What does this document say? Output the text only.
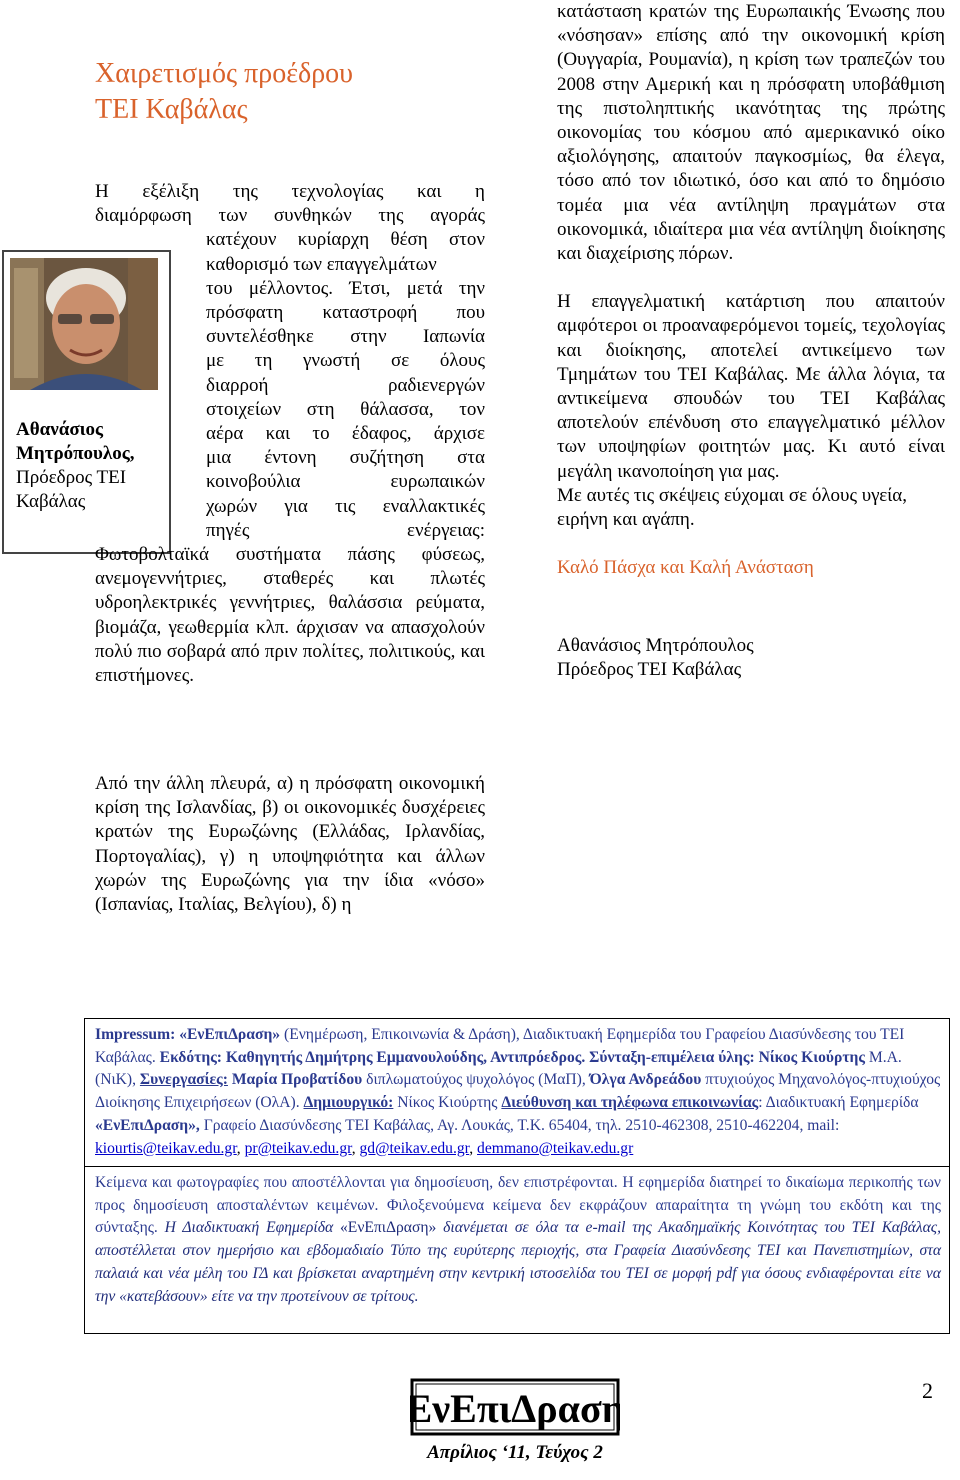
Χαιρετισμός προέδρου
ΤΕΙ Καβάλας
Αθανάσιος
Μητρόπουλος,
Πρόεδρος ΤΕΙ
Καβάλας
Η εξέλιξη της τεχνολογίας και η
διαμόρφωση των συνθηκών της αγοράς
κατέχουν κυρίαρχη θέση στον
καθορισμό των επαγγελμάτων
του μέλλοντος. Έτσι, μετά την
πρόσφατη καταστροφή που
συντελέσθηκε στην Ιαπωνία
με τη γνωστή σε όλους
διαρροή ραδιενεργών
στοιχείων στη θάλασσα, τον
αέρα και το έδαφος, άρχισε
μια έντονη συζήτηση στα
κοινοβούλια ευρωπαικών
χωρών για τις εναλλακτικές
πηγές ενέργειας:

Φωτοβολταϊκά συστήματα πάσης φύσεως, ανεμογεννήτριες, σταθερές και πλωτές υδροηλεκτρικές γεννήτριες, θαλάσσια ρεύματα, βιομάζα, γεωθερμία κλπ. άρχισαν να απασχολούν πολύ πιο σοβαρά από πριν πολίτες, πολιτικούς, και επιστήμονες.

Από την άλλη πλευρά, α) η πρόσφατη οικονομική κρίση της Ισλανδίας, β) οι οικονομικές δυσχέρειες κρατών της Ευρωζώνης (Ελλάδας, Ιρλανδίας, Πορτογαλίας), γ) η υποψηφιότητα και άλλων χωρών της Ευρωζώνης για την ίδια «νόσο» (Ισπανίας, Ιταλίας, Βελγίου), δ) η

κατάσταση κρατών της Ευρωπαικής Ένωσης που «νόσησαν» επίσης από την οικονομική κρίση (Ουγγαρία, Ρουμανία), η κρίση των τραπεζών του 2008 στην Αμερική και η πρόσφατη υποβάθμιση της πιστοληπτικής ικανότητας της πρώτης οικονομίας του κόσμου από αμερικανικό οίκο αξιολόγησης, απαιτούν παγκοσμίως, θα έλεγα, τόσο από τον ιδιωτικό, όσο και από το δημόσιο τομέα μια νέα αντίληψη πραγμάτων στα οικονομικά, ιδιαίτερα μια νέα αντίληψη διοίκησης και διαχείρισης πόρων.

Η επαγγελματική κατάρτιση που απαιτούν αμφότεροι οι προαναφερόμενοι τομείς, τεχολογίας και διοίκησης, αποτελεί αντικείμενο των Τμημάτων του ΤΕΙ Καβάλας. Με άλλα λόγια, τα αντικείμενα σπουδών του ΤΕΙ Καβάλας αποτελούν επένδυση στο επαγγελματικό μέλλον των υποψηφίων φοιτητών μας. Κι αυτό είναι μεγάλη ικανοποίηση για μας.

Με αυτές τις σκέψεις εύχομαι σε όλους υγεία, ειρήνη και αγάπη.

Καλό Πάσχα και Καλή Ανάσταση

Αθανάσιος Μητρόπουλος

Πρόεδρος ΤΕΙ Καβάλας

Impressum: «ΕνΕπιΔραση» (Ενημέρωση, Επικοινωνία & Δράση), Διαδικτυακή Εφημερίδα του Γραφείου Διασύνδεσης του ΤΕΙ Καβάλας. Εκδότης: Καθηγητής Δημήτρης Εμμανουλούδης, Αντιπρόεδρος. Σύνταξη-επιμέλεια ύλης: Νίκος Κιούρτης Μ.Α. (ΝιΚ), Συνεργασίες: Μαρία Προβατίδου διπλωματούχος ψυχολόγος (ΜαΠ), Όλγα Ανδρεάδου πτυχιούχος Μηχανολόγος-πτυχιούχος Διοίκησης Επιχειρήσεων (ΟλΑ). Δημιουργικό: Νίκος Κιούρτης Διεύθυνση και τηλέφωνα επικοινωνίας: Διαδικτυακή Εφημερίδα «ΕνΕπιΔραση», Γραφείο Διασύνδεσης ΤΕΙ Καβάλας, Αγ. Λουκάς, Τ.Κ. 65404, τηλ. 2510-462308, 2510-462204, mail: kiourtis@teikav.edu.gr, pr@teikav.edu.gr, gd@teikav.edu.gr, demmano@teikav.edu.gr
Κείμενα και φωτογραφίες που αποστέλλονται για δημοσίευση, δεν επιστρέφονται. Η εφημερίδα διατηρεί το δικαίωμα περικοπής των προς δημοσίευση αποσταλέντων κειμένων. Φιλοξενούμενα κείμενα δεν εκφράζουν απαραίτητα τη γνώμη του εκδότη και της σύνταξης. Η Διαδικτυακή Εφημερίδα «ΕνΕπιΔραση» διανέμεται σε όλα τα e-mail της Ακαδημαϊκής Κοινότητας του ΤΕΙ Καβάλας, αποστέλλεται στον ημερήσιο και εβδομαδιαίο Τύπο της ευρύτερης περιοχής, στα Γραφεία Διασύνδεσης ΤΕΙ και Πανεπιστημίων, στα παλαιά και νέα μέλη του ΓΔ και βρίσκεται αναρτημένη στην κεντρική ιστοσελίδα του ΤΕΙ σε μορφή pdf για όσους ενδιαφέρονται είτε να την «κατεβάσουν» είτε να την προτείνουν σε τρίτους.
ΕνΕπιΔραση	2
Απρίλιος ‘11, Τεύχος 2
